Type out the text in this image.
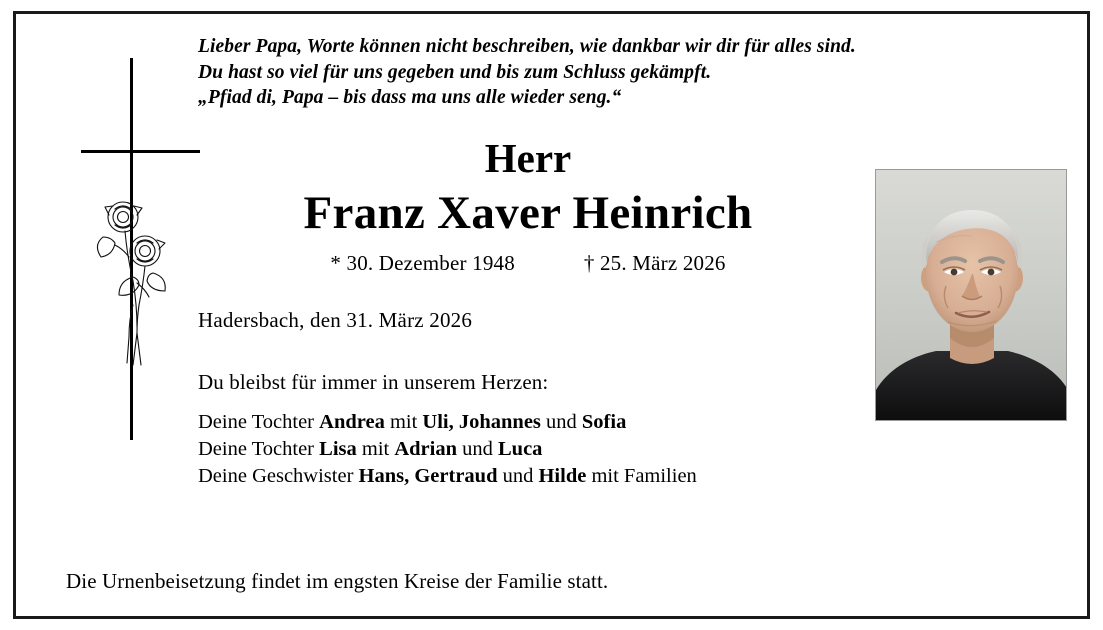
Lieber Papa, Worte können nicht beschreiben, wie dankbar wir dir für alles sind.
Du hast so viel für uns gegeben und bis zum Schluss gekämpft.
„Pfiad di, Papa – bis dass ma uns alle wieder seng.“
Herr
Franz Xaver Heinrich
* 30. Dezember 1948	† 25. März 2026
Hadersbach, den 31. März 2026
Du bleibst für immer in unserem Herzen:
Deine Tochter Andrea mit Uli, Johannes und Sofia
Deine Tochter Lisa mit Adrian und Luca
Deine Geschwister Hans, Gertraud und Hilde mit Familien
Die Urnenbeisetzung findet im engsten Kreise der Familie statt.
